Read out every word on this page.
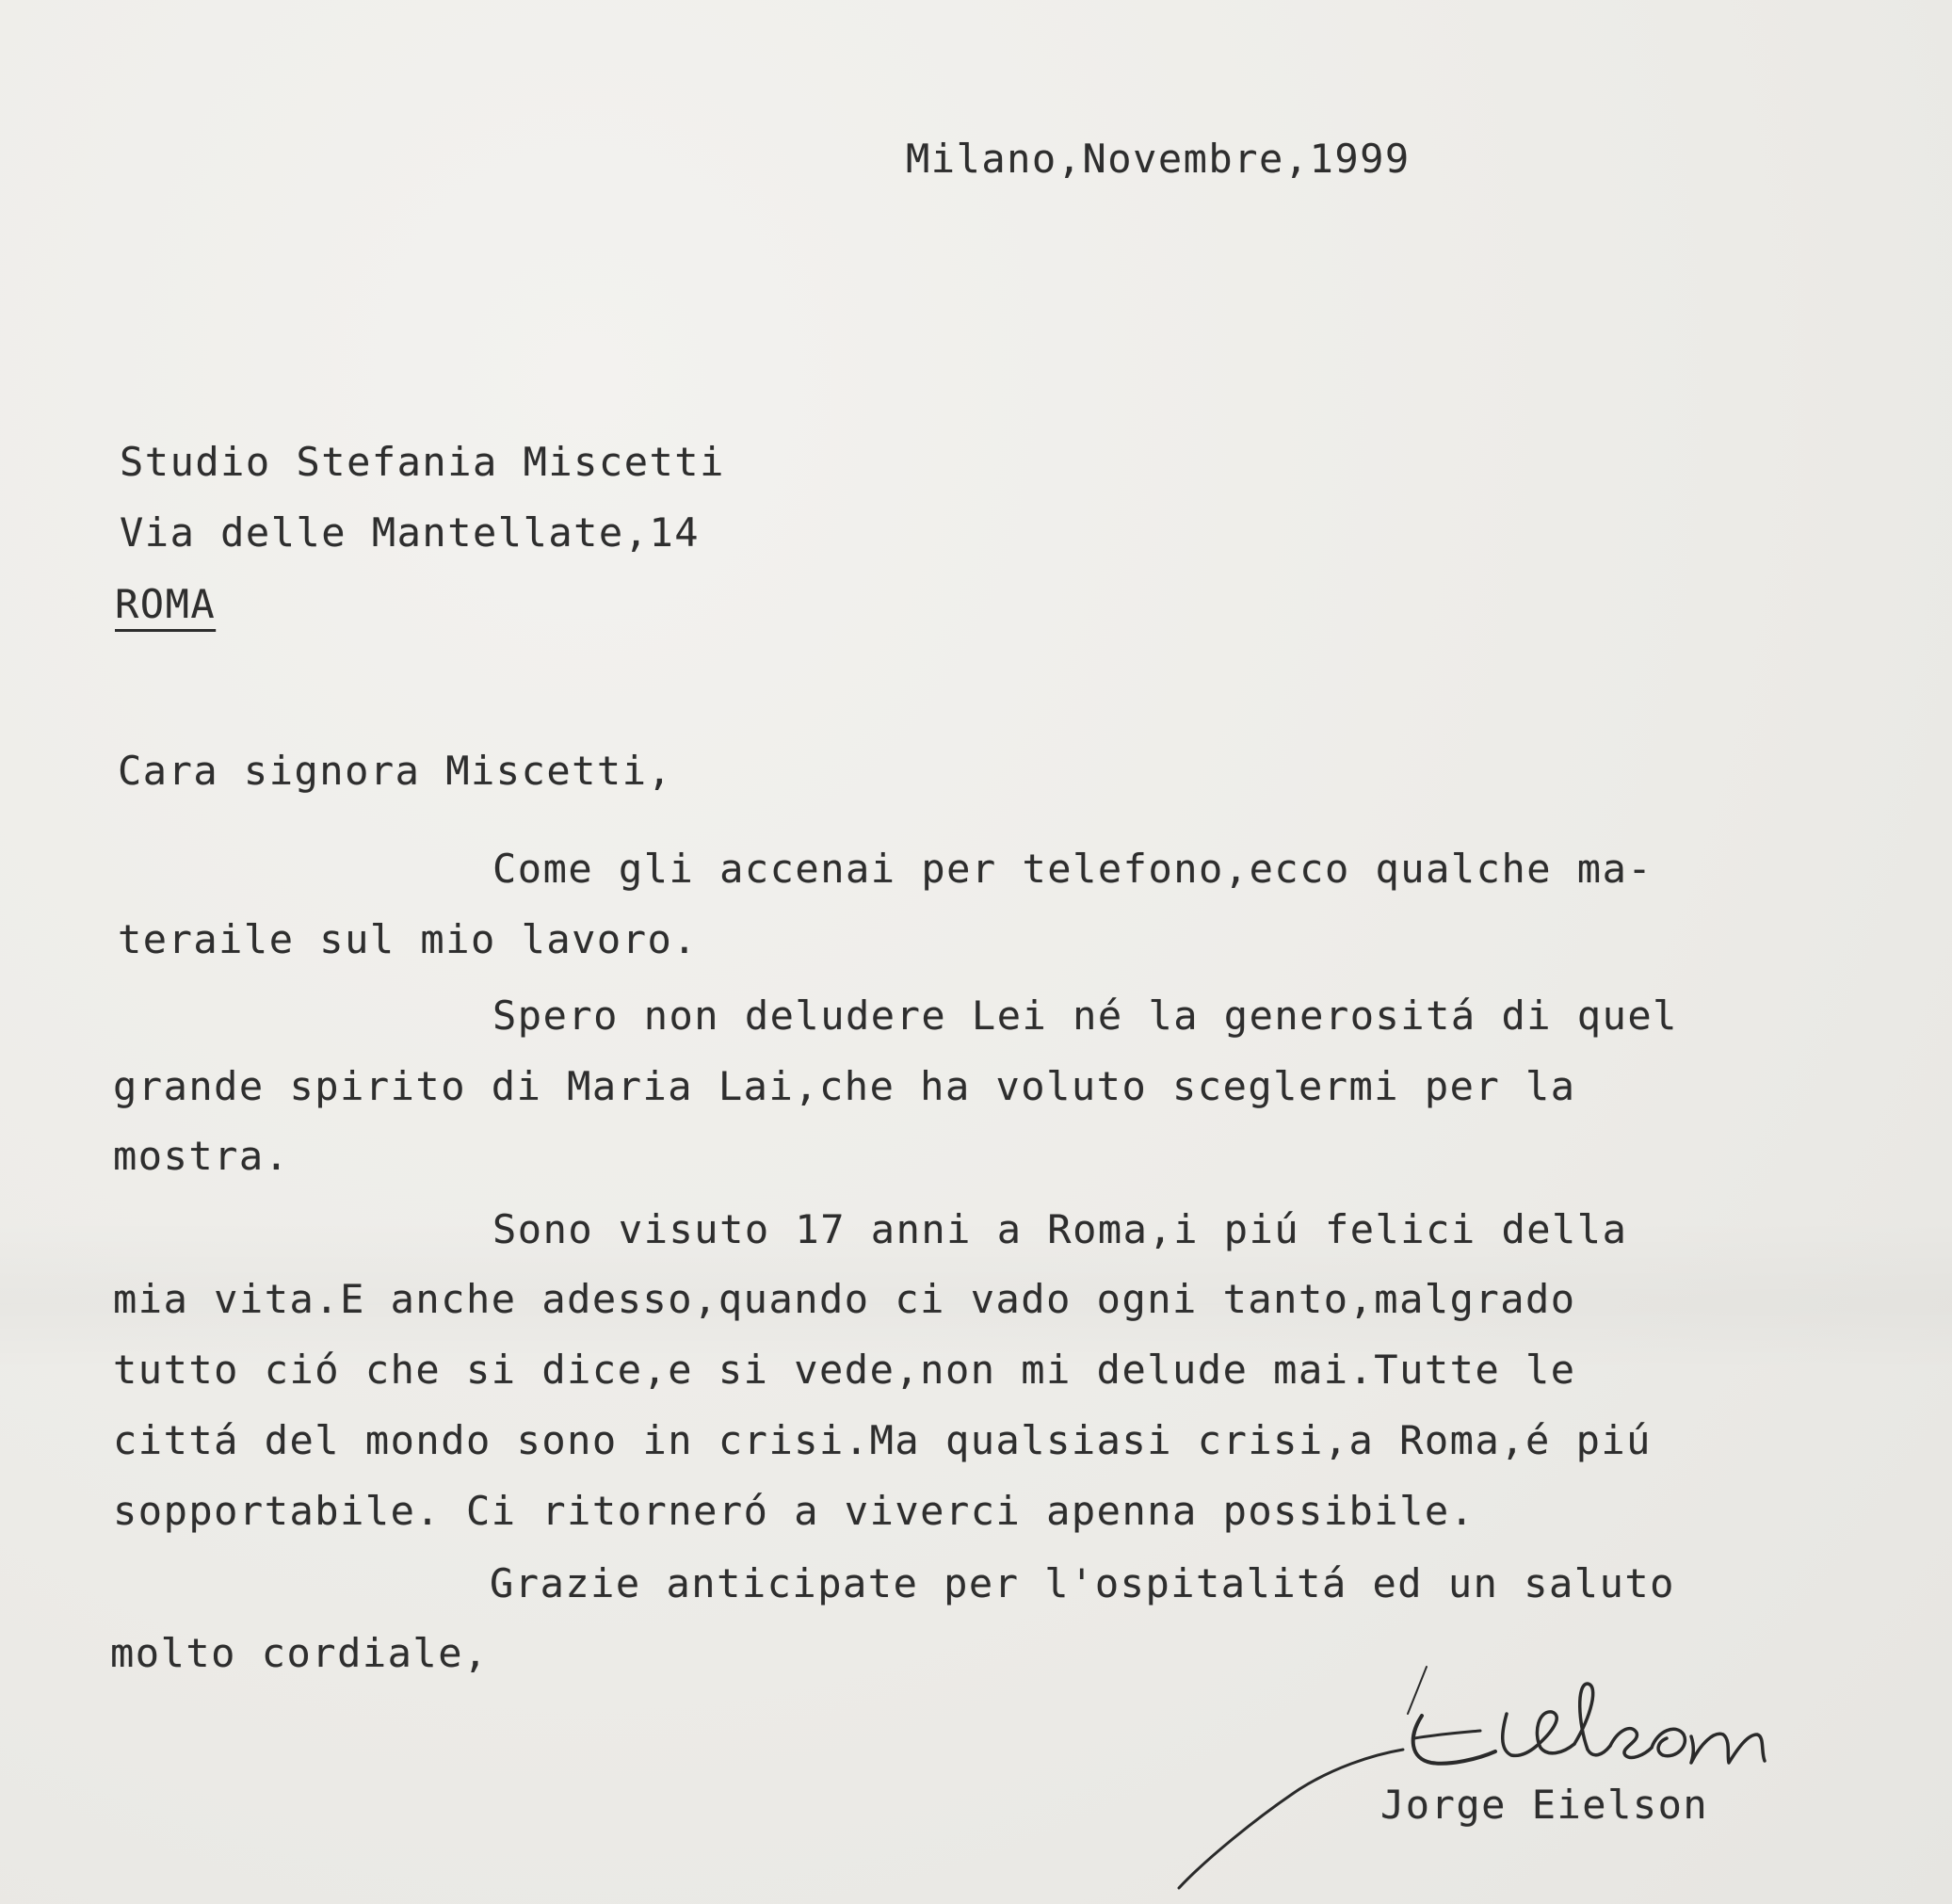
Milano,Novembre,1999
Studio Stefania Miscetti
Via delle Mantellate,14
ROMA
Cara signora Miscetti,
Come gli accenai per telefono,ecco qualche ma-
teraile sul mio lavoro.
Spero non deludere Lei né la generositá di quel
grande spirito di Maria Lai,che ha voluto sceglermi per la
mostra.
Sono visuto 17 anni a Roma,i piú felici della
mia vita.E anche adesso,quando ci vado ogni tanto,malgrado
tutto ció che si dice,e si vede,non mi delude mai.Tutte le
cittá del mondo sono in crisi.Ma qualsiasi crisi,a Roma,é piú
sopportabile. Ci ritorneró a viverci apenna possibile.
Grazie anticipate per l'ospitalitá ed un saluto
molto cordiale,
Jorge Eielson
